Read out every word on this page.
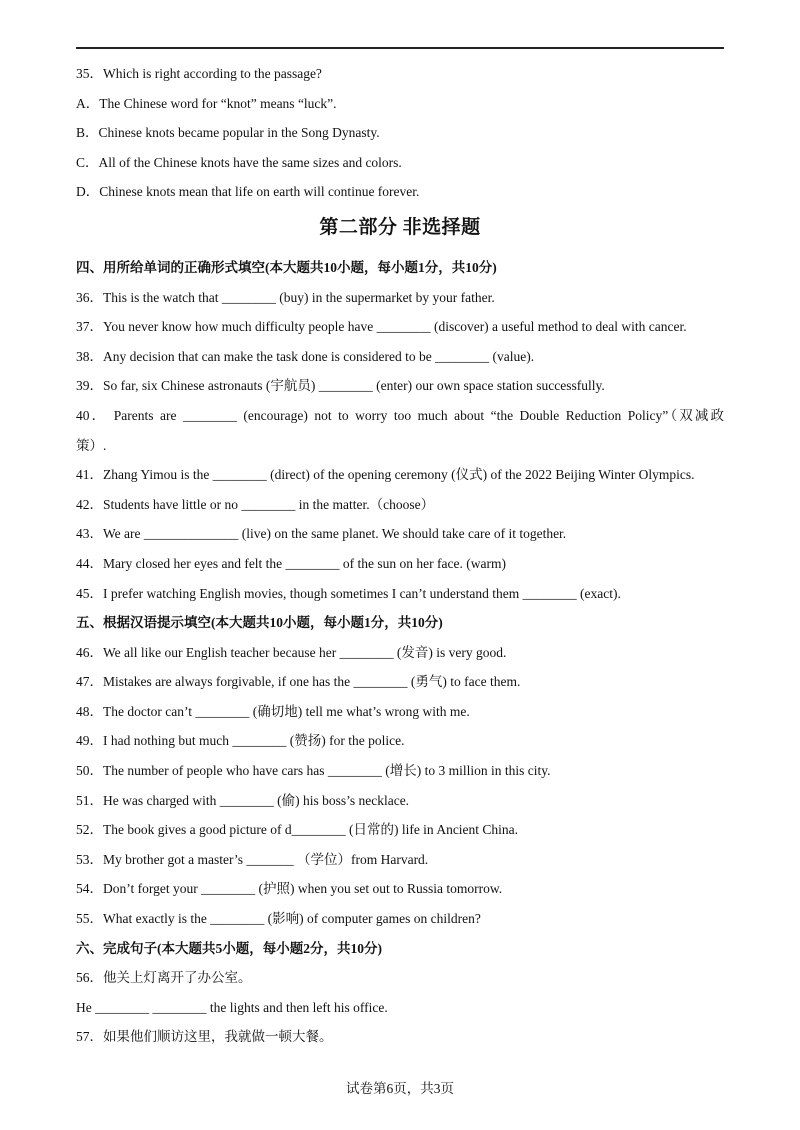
35．Which is right according to the passage?
A．The Chinese word for “knot” means “luck”.
B．Chinese knots became popular in the Song Dynasty.
C．All of the Chinese knots have the same sizes and colors.
D．Chinese knots mean that life on earth will continue forever.
第二部分 非选择题
四、用所给单词的正确形式填空(本大题共10小题，每小题1分，共10分)
36．This is the watch that ________ (buy) in the supermarket by your father.
37．You never know how much difficulty people have ________ (discover) a useful method to deal with cancer.
38．Any decision that can make the task done is considered to be ________ (value).
39．So far, six Chinese astronauts (宇航员) ________ (enter) our own space station successfully.
40． Parents are ________ (encourage) not to worry too much about “the Double Reduction Policy”（双减政
策）.
41．Zhang Yimou is the ________ (direct) of the opening ceremony (仪式) of the 2022 Beijing Winter Olympics.
42．Students have little or no ________ in the matter.（choose）
43．We are ______________ (live) on the same planet. We should take care of it together.
44．Mary closed her eyes and felt the ________ of the sun on her face. (warm)
45．I prefer watching English movies, though sometimes I can’t understand them ________ (exact).
五、根据汉语提示填空(本大题共10小题，每小题1分，共10分)
46．We all like our English teacher because her ________ (发音) is very good.
47．Mistakes are always forgivable, if one has the ________ (勇气) to face them.
48．The doctor can’t ________ (确切地) tell me what’s wrong with me.
49．I had nothing but much ________ (赞扬) for the police.
50．The number of people who have cars has ________ (增长) to 3 million in this city.
51．He was charged with ________ (偷) his boss’s necklace.
52．The book gives a good picture of d________ (日常的) life in Ancient China.
53．My brother got a master’s _______ （学位）from Harvard.
54．Don’t forget your ________ (护照) when you set out to Russia tomorrow.
55．What exactly is the ________ (影响) of computer games on children?
六、完成句子(本大题共5小题，每小题2分，共10分)
56．他关上灯离开了办公室。
He ________ ________ the lights and then left his office.
57．如果他们顺访这里，我就做一顿大餐。
试卷第6页，共3页
